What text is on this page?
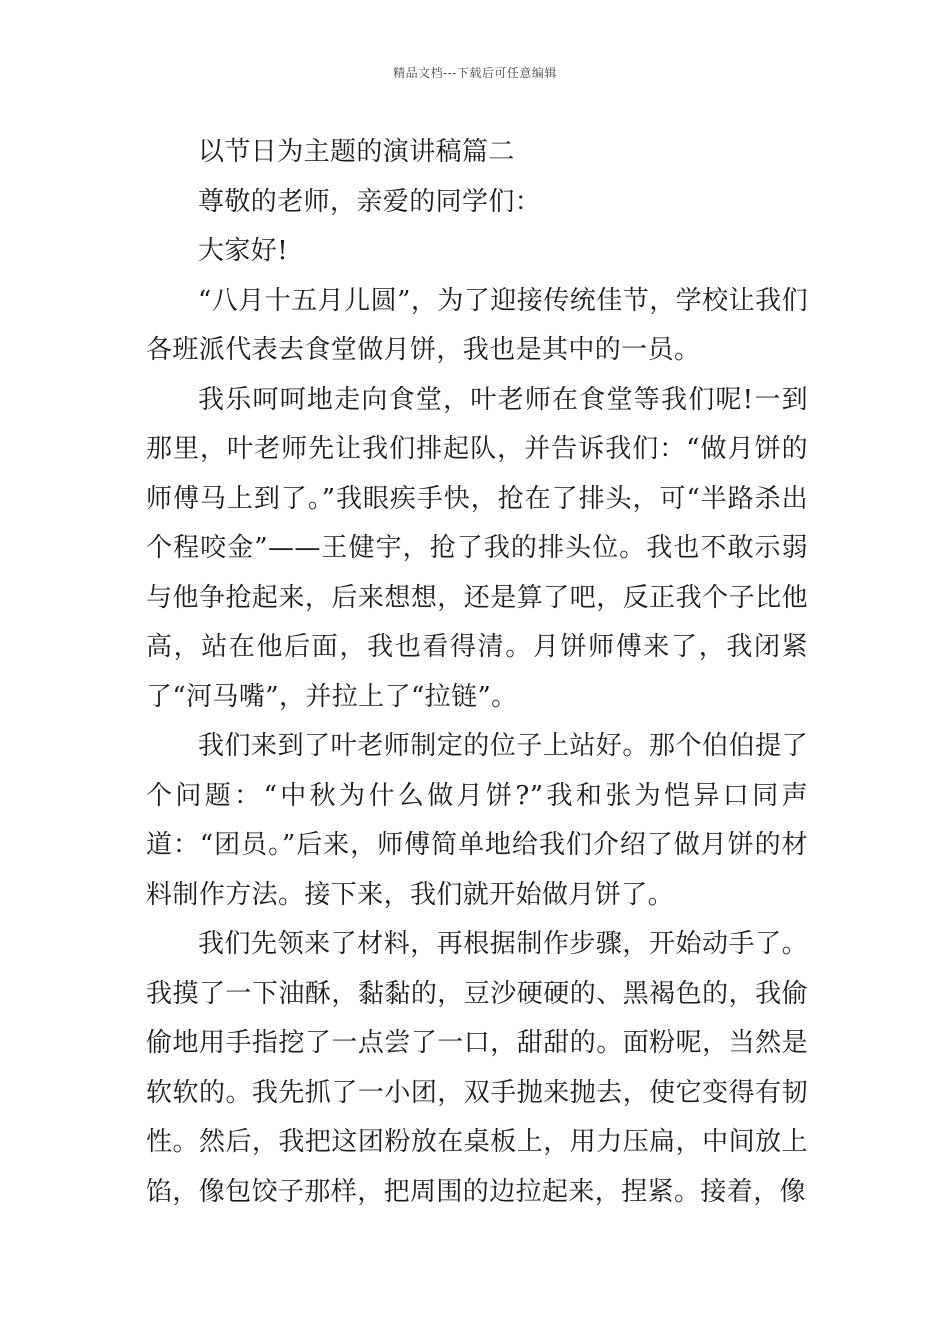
精品文档---下载后可任意编辑

以节日为主题的演讲稿篇二

尊敬的老师，亲爱的同学们：

大家好!

“八月十五月儿圆”，为了迎接传统佳节，学校让我们各班派代表去食堂做月饼，我也是其中的一员。

我乐呵呵地走向食堂，叶老师在食堂等我们呢!一到那里，叶老师先让我们排起队，并告诉我们：“做月饼的师傅马上到了。”我眼疾手快，抢在了排头，可“半路杀出个程咬金”——王健宇，抢了我的排头位。我也不敢示弱与他争抢起来，后来想想，还是算了吧，反正我个子比他高，站在他后面，我也看得清。月饼师傅来了，我闭紧了“河马嘴”，并拉上了“拉链”。

我们来到了叶老师制定的位子上站好。那个伯伯提了个问题：“中秋为什么做月饼?”我和张为恺异口同声道：“团员。”后来，师傅简单地给我们介绍了做月饼的材料制作方法。接下来，我们就开始做月饼了。

我们先领来了材料，再根据制作步骤，开始动手了。我摸了一下油酥，黏黏的，豆沙硬硬的、黑褐色的，我偷偷地用手指挖了一点尝了一口，甜甜的。面粉呢，当然是软软的。我先抓了一小团，双手抛来抛去，使它变得有韧性。然后，我把这团粉放在桌板上，用力压扁，中间放上馅，像包饺子那样，把周围的边拉起来，捏紧。接着，像
